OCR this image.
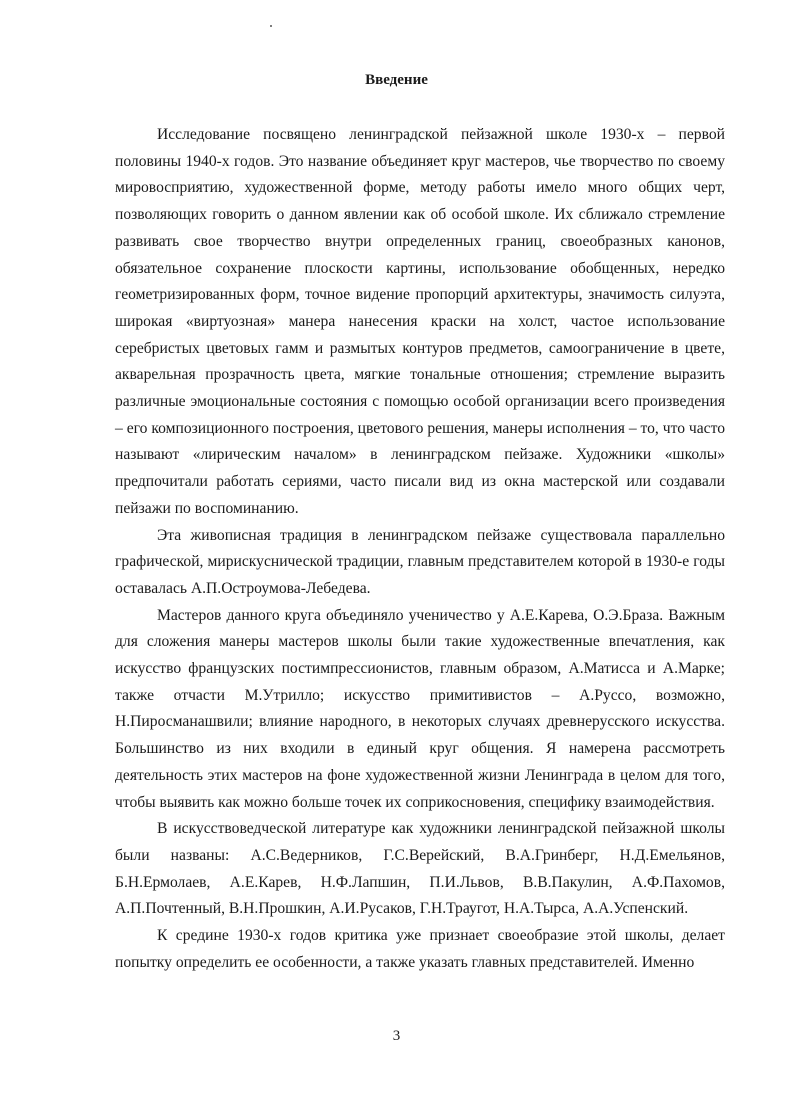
Введение

Исследование посвящено ленинградской пейзажной школе 1930-х – первой половины 1940-х годов. Это название объединяет круг мастеров, чье творчество по своему мировосприятию, художественной форме, методу работы имело много общих черт, позволяющих говорить о данном явлении как об особой школе. Их сближало стремление развивать свое творчество внутри определенных границ, своеобразных канонов, обязательное сохранение плоскости картины, использование обобщенных, нередко геометризированных форм, точное видение пропорций архитектуры, значимость силуэта, широкая «виртуозная» манера нанесения краски на холст, частое использование серебристых цветовых гамм и размытых контуров предметов, самоограничение в цвете, акварельная прозрачность цвета, мягкие тональные отношения; стремление выразить различные эмоциональные состояния с помощью особой организации всего произведения – его композиционного построения, цветового решения, манеры исполнения – то, что часто называют «лирическим началом» в ленинградском пейзаже. Художники «школы» предпочитали работать сериями, часто писали вид из окна мастерской или создавали пейзажи по воспоминанию.

Эта живописная традиция в ленинградском пейзаже существовала параллельно графической, мирискуснической традиции, главным представителем которой в 1930-е годы оставалась А.П.Остроумова-Лебедева.

Мастеров данного круга объединяло ученичество у А.Е.Карева, О.Э.Браза. Важным для сложения манеры мастеров школы были такие художественные впечатления, как искусство французских постимпрессионистов, главным образом, А.Матисса и А.Марке; также отчасти М.Утрилло; искусство примитивистов – А.Руссо, возможно, Н.Пиросманашвили; влияние народного, в некоторых случаях древнерусского искусства. Большинство из них входили в единый круг общения. Я намерена рассмотреть деятельность этих мастеров на фоне художественной жизни Ленинграда в целом для того, чтобы выявить как можно больше точек их соприкосновения, специфику взаимодействия.

В искусствоведческой литературе как художники ленинградской пейзажной школы были названы: А.С.Ведерников, Г.С.Верейский, В.А.Гринберг, Н.Д.Емельянов, Б.Н.Ермолаев, А.Е.Карев, Н.Ф.Лапшин, П.И.Львов, В.В.Пакулин, А.Ф.Пахомов, А.П.Почтенный, В.Н.Прошкин, А.И.Русаков, Г.Н.Траугот, Н.А.Тырса, А.А.Успенский.

К средине 1930-х годов критика уже признает своеобразие этой школы, делает попытку определить ее особенности, а также указать главных представителей. Именно

3
